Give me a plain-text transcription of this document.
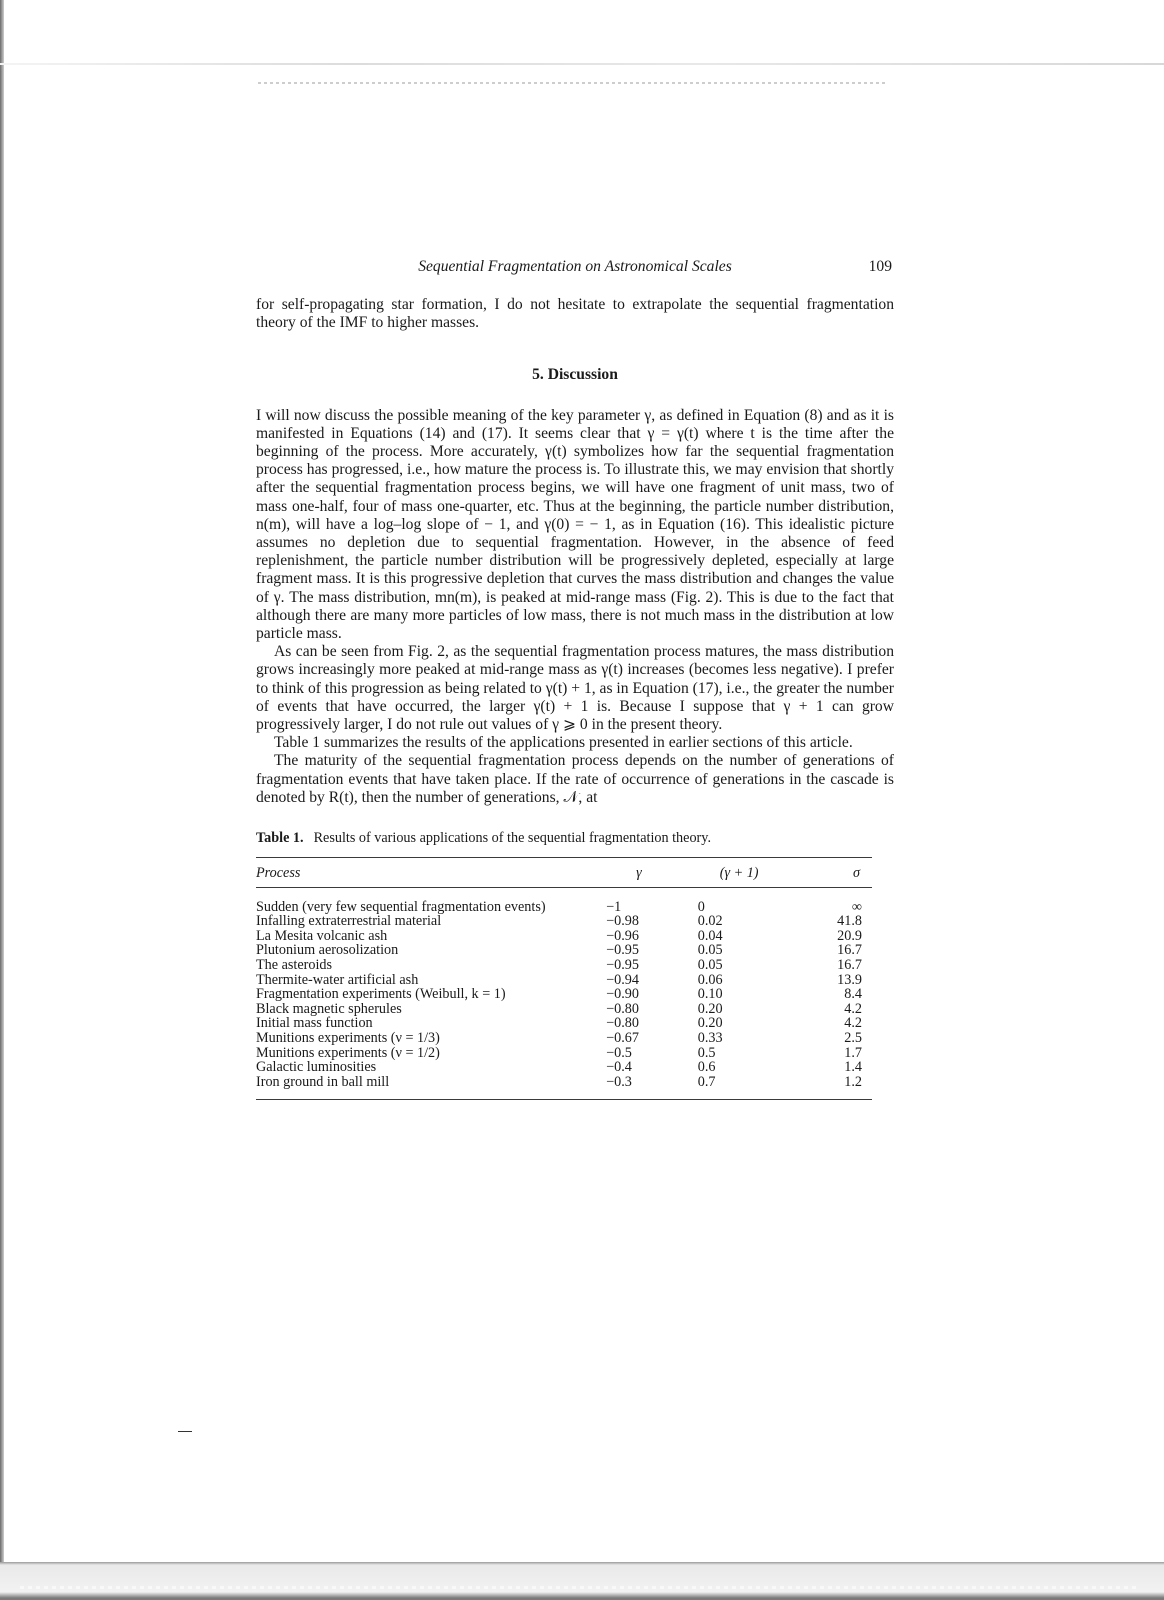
Sequential Fragmentation on Astronomical Scales	109

for self-propagating star formation, I do not hesitate to extrapolate the sequential fragmentation theory of the IMF to higher masses.

5. Discussion

I will now discuss the possible meaning of the key parameter γ, as defined in Equation (8) and as it is manifested in Equations (14) and (17). It seems clear that γ = γ(t) where t is the time after the beginning of the process. More accurately, γ(t) symbolizes how far the sequential fragmentation process has progressed, i.e., how mature the process is. To illustrate this, we may envision that shortly after the sequential fragmentation process begins, we will have one fragment of unit mass, two of mass one-half, four of mass one-quarter, etc. Thus at the beginning, the particle number distribution, n(m), will have a log–log slope of − 1, and γ(0) = − 1, as in Equation (16). This idealistic picture assumes no depletion due to sequential fragmentation. However, in the absence of feed replenishment, the particle number distribution will be progressively depleted, especially at large fragment mass. It is this progressive depletion that curves the mass distribution and changes the value of γ. The mass distribution, mn(m), is peaked at mid-range mass (Fig. 2). This is due to the fact that although there are many more particles of low mass, there is not much mass in the distribution at low particle mass.

As can be seen from Fig. 2, as the sequential fragmentation process matures, the mass distribution grows increasingly more peaked at mid-range mass as γ(t) increases (becomes less negative). I prefer to think of this progression as being related to γ(t) + 1, as in Equation (17), i.e., the greater the number of events that have occurred, the larger γ(t) + 1 is. Because I suppose that γ + 1 can grow progressively larger, I do not rule out values of γ ⩾ 0 in the present theory.

Table 1 summarizes the results of the applications presented in earlier sections of this article.

The maturity of the sequential fragmentation process depends on the number of generations of fragmentation events that have taken place. If the rate of occurrence of generations in the cascade is denoted by R(t), then the number of generations, 𝒩, at

Table 1. Results of various applications of the sequential fragmentation theory.
Process	γ	(γ + 1)	σ

Sudden (very few sequential fragmentation events)	−1	0	∞
Infalling extraterrestrial material	−0.98	0.02	41.8
La Mesita volcanic ash	−0.96	0.04	20.9
Plutonium aerosolization	−0.95	0.05	16.7
The asteroids	−0.95	0.05	16.7
Thermite-water artificial ash	−0.94	0.06	13.9
Fragmentation experiments (Weibull, k = 1)	−0.90	0.10	8.4
Black magnetic spherules	−0.80	0.20	4.2
Initial mass function	−0.80	0.20	4.2
Munitions experiments (ν = 1/3)	−0.67	0.33	2.5
Munitions experiments (ν = 1/2)	−0.5	0.5	1.7
Galactic luminosities	−0.4	0.6	1.4
Iron ground in ball mill	−0.3	0.7	1.2
